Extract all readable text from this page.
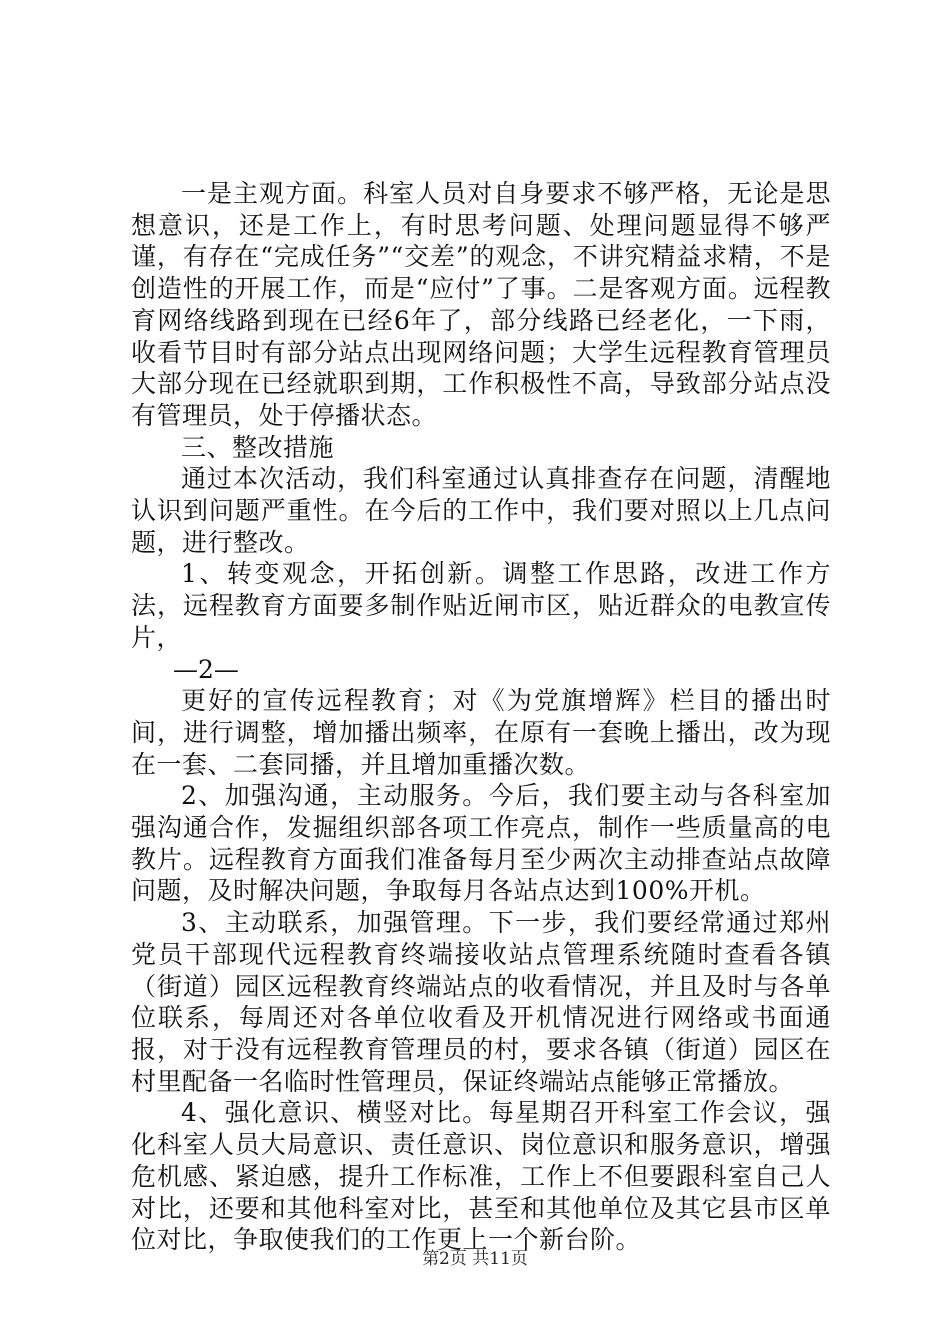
一是主观方面。科室人员对自身要求不够严格，无论是思想意识，还是工作上，有时思考问题、处理问题显得不够严谨，有存在“完成任务”“交差”的观念，不讲究精益求精，不是创造性的开展工作，而是“应付”了事。二是客观方面。远程教育网络线路到现在已经6年了，部分线路已经老化，一下雨，收看节目时有部分站点出现网络问题；大学生远程教育管理员大部分现在已经就职到期，工作积极性不高，导致部分站点没有管理员，处于停播状态。

三、整改措施

通过本次活动，我们科室通过认真排查存在问题，清醒地认识到问题严重性。在今后的工作中，我们要对照以上几点问题，进行整改。

1、转变观念，开拓创新。调整工作思路，改进工作方法，远程教育方面要多制作贴近闸市区，贴近群众的电教宣传片，

—2—

更好的宣传远程教育；对《为党旗增辉》栏目的播出时间，进行调整，增加播出频率，在原有一套晚上播出，改为现在一套、二套同播，并且增加重播次数。

2、加强沟通，主动服务。今后，我们要主动与各科室加强沟通合作，发掘组织部各项工作亮点，制作一些质量高的电教片。远程教育方面我们准备每月至少两次主动排查站点故障问题，及时解决问题，争取每月各站点达到100%开机。

3、主动联系，加强管理。下一步，我们要经常通过郑州党员干部现代远程教育终端接收站点管理系统随时查看各镇（街道）园区远程教育终端站点的收看情况，并且及时与各单位联系，每周还对各单位收看及开机情况进行网络或书面通报，对于没有远程教育管理员的村，要求各镇（街道）园区在村里配备一名临时性管理员，保证终端站点能够正常播放。

4、强化意识、横竖对比。每星期召开科室工作会议，强化科室人员大局意识、责任意识、岗位意识和服务意识，增强危机感、紧迫感，提升工作标准，工作上不但要跟科室自己人对比，还要和其他科室对比，甚至和其他单位及其它县市区单位对比，争取使我们的工作更上一个新台阶。

第2页 共11页
